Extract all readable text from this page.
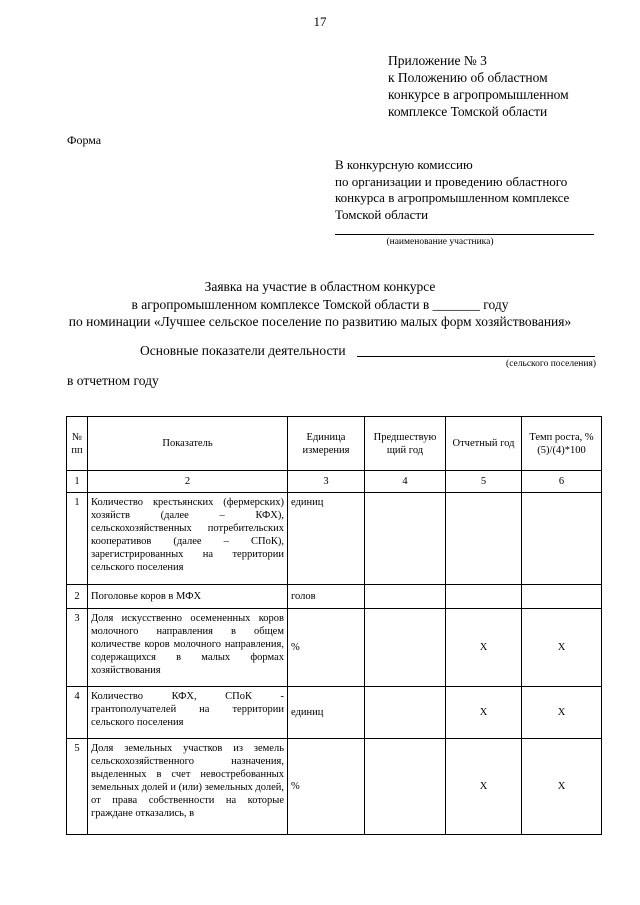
17
Приложение № 3
к Положению об областном
конкурсе в агропромышленном
комплексе Томской области
Форма
В конкурсную комиссию
по организации и проведению областного
конкурса в агропромышленном комплексе
Томской области
(наименование участника)
Заявка на участие в областном конкурсе
в агропромышленном комплексе Томской области в _______ году
по номинации «Лучшее сельское поселение по развитию малых форм хозяйствования»
Основные показатели деятельности
(сельского поселения)
в отчетном году
№ пп	Показатель	Единица измерения	Предшествую щий год	Отчетный год	Темп роста, % (5)/(4)*100
1	2	3	4	5	6
1	Количество крестьянских (фермерских) хозяйств (далее – КФХ), сельскохозяйственных потребительских кооперативов (далее – СПоК), зарегистрированных на территории сельского поселения	единиц			
2	Поголовье коров в МФХ	голов			
3	Доля искусственно осемененных коров молочного направления в общем количестве коров молочного направления, содержащихся в малых формах хозяйствования	%		X	X
4	Количество КФХ, СПоК - грантополучателей на территории сельского поселения	единиц		X	X
5	Доля земельных участков из земель сельскохозяйственного назначения, выделенных в счет невостребованных земельных долей и (или) земельных долей, от права собственности на которые граждане отказались, в	%		X	X
